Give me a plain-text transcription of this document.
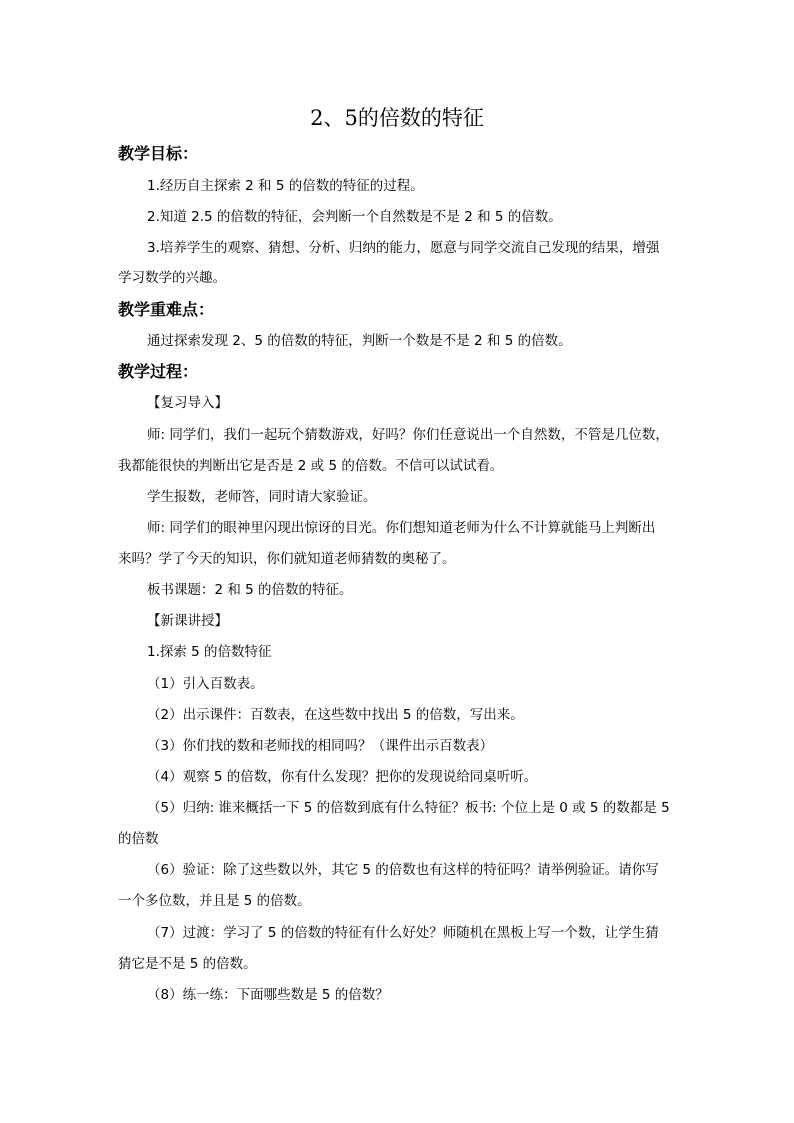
2、5的倍数的特征
教学目标：
1.经历自主探索 2 和 5 的倍数的特征的过程。
2.知道 2.5 的倍数的特征，会判断一个自然数是不是 2 和 5 的倍数。
3.培养学生的观察、猜想、分析、归纳的能力，愿意与同学交流自己发现的结果，增强
学习数学的兴趣。
教学重难点：
通过探索发现 2、5 的倍数的特征，判断一个数是不是 2 和 5 的倍数。
教学过程：
【复习导入】
师: 同学们，我们一起玩个猜数游戏，好吗？你们任意说出一个自然数，不管是几位数，
我都能很快的判断出它是否是 2 或 5 的倍数。不信可以试试看。
学生报数，老师答，同时请大家验证。
师: 同学们的眼神里闪现出惊讶的目光。你们想知道老师为什么不计算就能马上判断出
来吗？学了今天的知识，你们就知道老师猜数的奥秘了。
板书课题：2 和 5 的倍数的特征。
【新课讲授】
1.探索 5 的倍数特征
（1）引入百数表。
（2）出示课件：百数表，在这些数中找出 5 的倍数，写出来。
（3）你们找的数和老师找的相同吗？（课件出示百数表）
（4）观察 5 的倍数，你有什么发现？把你的发现说给同桌听听。
（5）归纳: 谁来概括一下 5 的倍数到底有什么特征？板书: 个位上是 0 或 5 的数都是 5
的倍数
（6）验证：除了这些数以外，其它 5 的倍数也有这样的特征吗？请举例验证。请你写
一个多位数，并且是 5 的倍数。
（7）过渡：学习了 5 的倍数的特征有什么好处？师随机在黑板上写一个数，让学生猜
猜它是不是 5 的倍数。
（8）练一练：下面哪些数是 5 的倍数？
